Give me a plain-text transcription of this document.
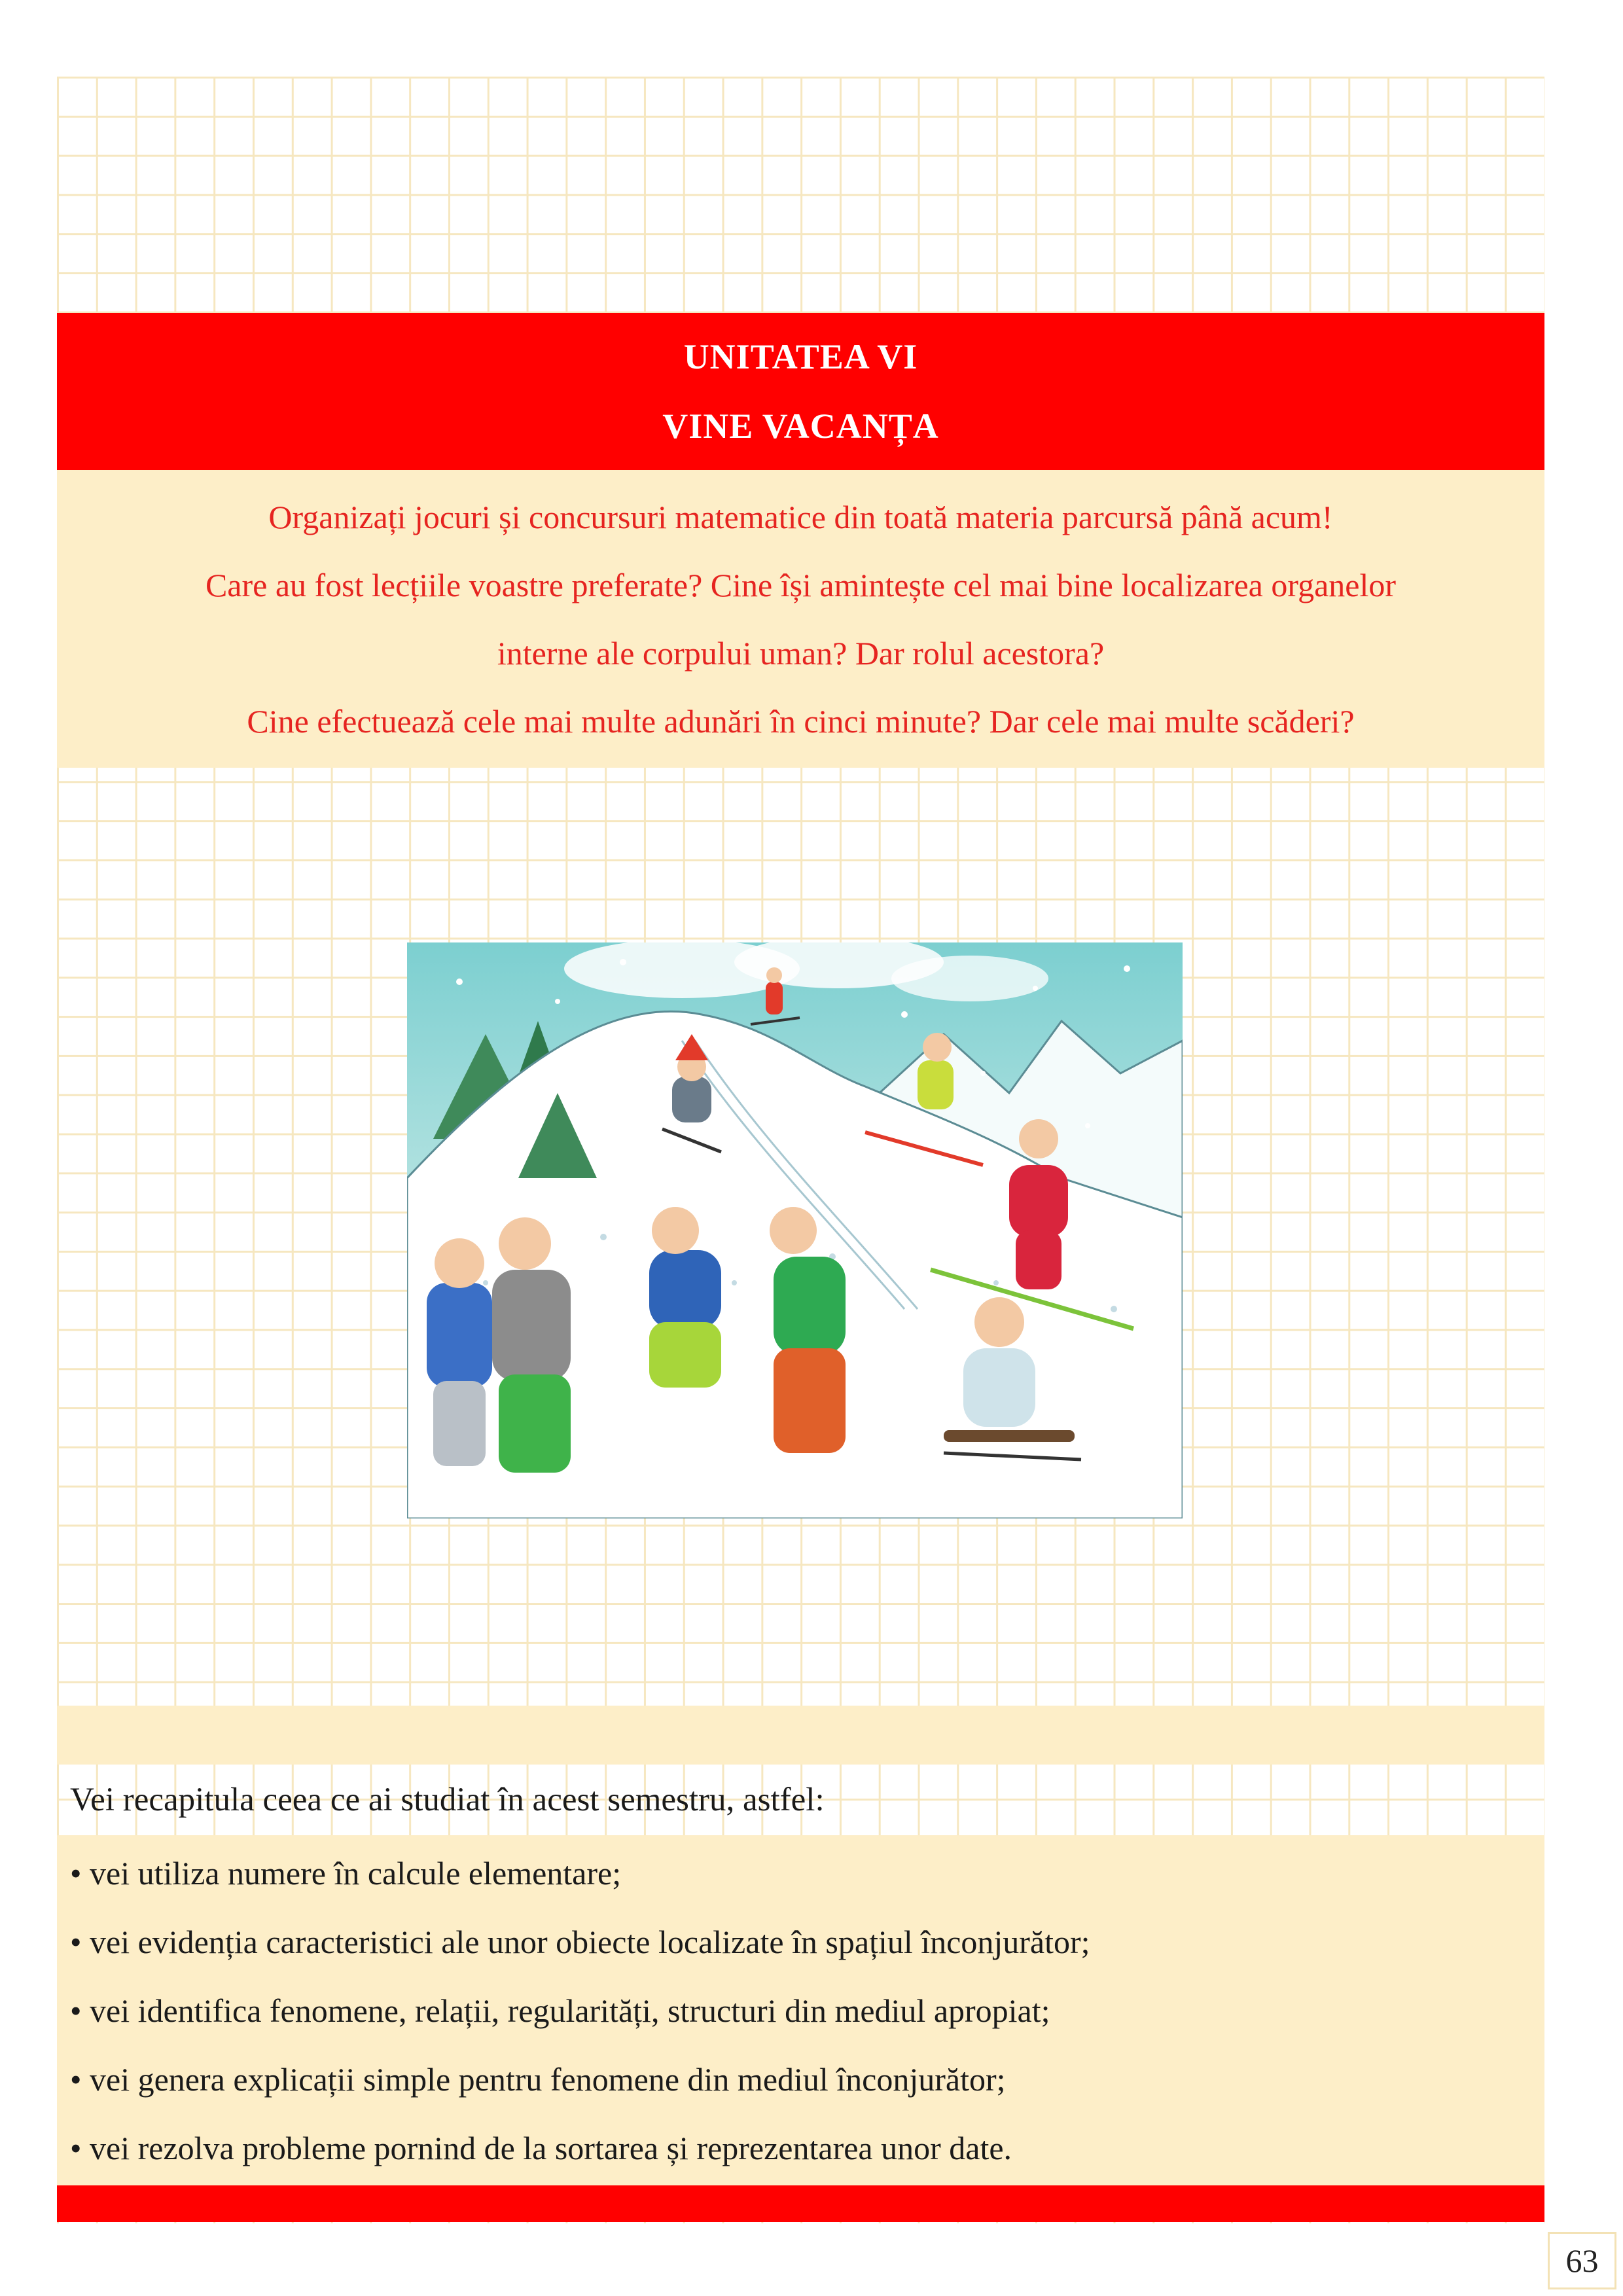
UNITATEA VI
VINE VACANȚA
Organizați jocuri și concursuri matematice din toată materia parcursă până acum!
Care au fost lecțiile voastre preferate? Cine își amintește cel mai bine localizarea organelor
interne ale corpului uman? Dar rolul acestora?
Cine efectuează cele mai multe adunări în cinci minute? Dar cele mai multe scăderi?
Vei recapitula ceea ce ai studiat în acest semestru, astfel:
• vei utiliza numere în calcule elementare;
• vei evidenția caracteristici ale unor obiecte localizate în spațiul înconjurător;
• vei identifica fenomene, relații, regularități, structuri din mediul apropiat;
• vei genera explicații simple pentru fenomene din mediul înconjurător;
• vei rezolva probleme pornind de la sortarea și reprezentarea unor date.
63
